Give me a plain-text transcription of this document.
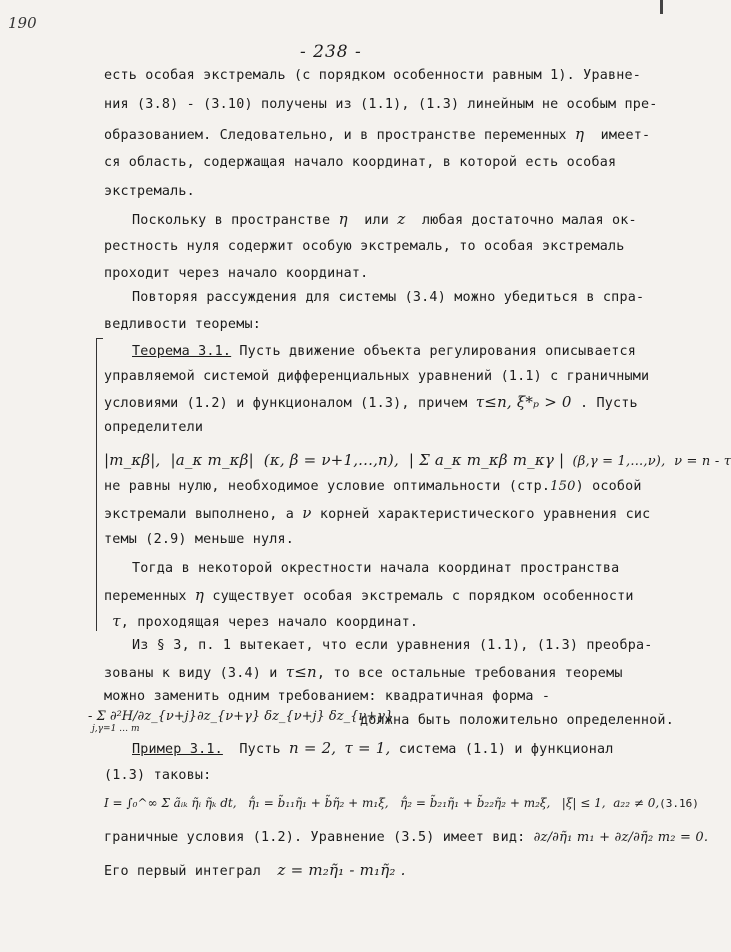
190
- 238 -
есть особая экстремаль (с порядком особенности равным 1). Уравне-
ния (3.8) - (3.10) получены из (1.1), (1.3) линейным не особым пре-
образованием. Следовательно, и в пространстве переменных η имеет-
ся область, содержащая начало координат, в которой есть особая
экстремаль.
Поскольку в пространстве η или z любая достаточно малая ок-
рестность нуля содержит особую экстремаль, то особая экстремаль
проходит через начало координат.
Повторяя рассуждения для системы (3.4) можно убедиться в спра-
ведливости теоремы:
Теорема 3.1. Пусть движение объекта регулирования описывается
управляемой системой дифференциальных уравнений (1.1) с граничными
условиями (1.2) и функционалом (1.3), причем τ≤n, ξ*ₚ > 0 . Пусть
определители
|m_κβ|,  |a_κ m_κβ|  (κ, β = ν+1,...,n),  | Σ a_κ m_κβ m_κγ | (β,γ = 1,...,ν),  ν = n - τ
не равны нулю, необходимое условие оптимальности (стр.150) особой
экстремали выполнено, а ν корней характеристического уравнения сис
темы (2.9) меньше нуля.
Тогда в некоторой окрестности начала координат пространства
переменных η существует особая экстремаль с порядком особенности
τ, проходящая через начало координат.
Из § 3, п. 1 вытекает, что если уравнения (1.1), (1.3) преобра-
зованы к виду (3.4) и τ≤n, то все остальные требования теоремы
можно заменить одним требованием: квадратичная форма -
- Σ ∂²H/∂z_{ν+j}∂z_{ν+γ} δz_{ν+j} δz_{ν+γ}
j,γ=1 … m
должна быть положительно определенной.
Пример 3.1. Пусть n = 2, τ = 1, система (1.1) и функционал
(1.3) таковы:
I = ∫₀^∞ Σ ãᵢₖ η̃ᵢ η̃ₖ dt,   η̃̇₁ = b̃₁₁η̃₁ + b̃η̃₂ + m₁ξ,   η̃̇₂ = b̃₂₁η̃₁ + b̃₂₂η̃₂ + m₂ξ,   |ξ| ≤ 1,  a₂₂ ≠ 0,(3.16)
граничные условия (1.2). Уравнение (3.5) имеет вид: ∂z/∂η̃₁ m₁ + ∂z/∂η̃₂ m₂ = 0.
Его первый интеграл z = m₂η̃₁ - m₁η̃₂ .
